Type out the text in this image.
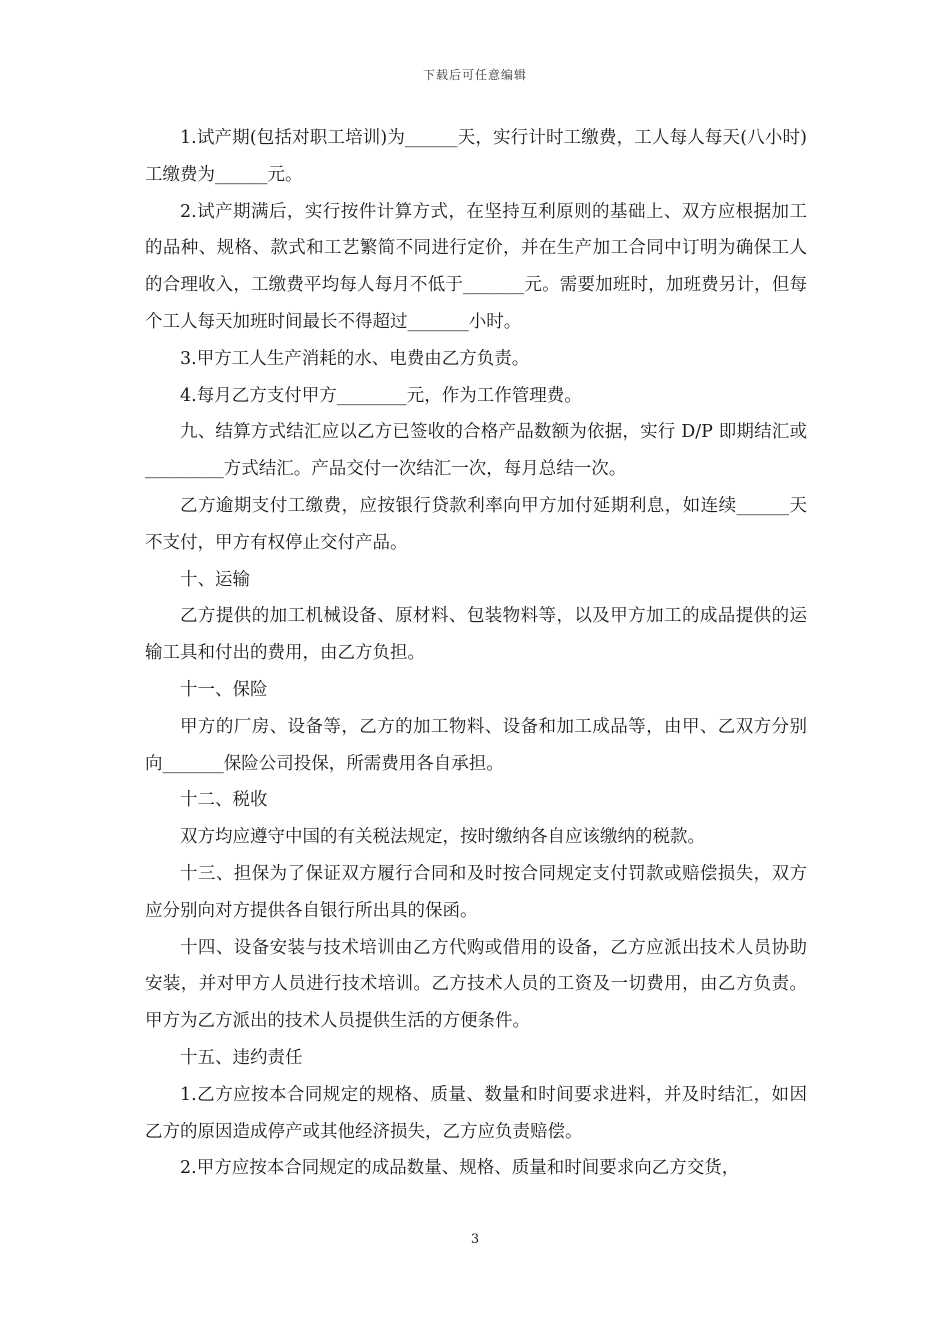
下载后可任意编辑

1.试产期(包括对职工培训)为______天，实行计时工缴费，工人每人每天(八小时)工缴费为______元。

2.试产期满后，实行按件计算方式，在坚持互利原则的基础上、双方应根据加工的品种、规格、款式和工艺繁简不同进行定价，并在生产加工合同中订明为确保工人的合理收入，工缴费平均每人每月不低于_______元。需要加班时，加班费另计，但每个工人每天加班时间最长不得超过_______小时。

3.甲方工人生产消耗的水、电费由乙方负责。

4.每月乙方支付甲方________元，作为工作管理费。

九、结算方式结汇应以乙方已签收的合格产品数额为依据，实行 D/P 即期结汇或_________方式结汇。产品交付一次结汇一次，每月总结一次。

乙方逾期支付工缴费，应按银行贷款利率向甲方加付延期利息，如连续______天不支付，甲方有权停止交付产品。

十、运输

乙方提供的加工机械设备、原材料、包装物料等，以及甲方加工的成品提供的运输工具和付出的费用，由乙方负担。

十一、保险

甲方的厂房、设备等，乙方的加工物料、设备和加工成品等，由甲、乙双方分别向_______保险公司投保，所需费用各自承担。

十二、税收

双方均应遵守中国的有关税法规定，按时缴纳各自应该缴纳的税款。

十三、担保为了保证双方履行合同和及时按合同规定支付罚款或赔偿损失，双方应分别向对方提供各自银行所出具的保函。

十四、设备安装与技术培训由乙方代购或借用的设备，乙方应派出技术人员协助安装，并对甲方人员进行技术培训。乙方技术人员的工资及一切费用，由乙方负责。甲方为乙方派出的技术人员提供生活的方便条件。

十五、违约责任

1.乙方应按本合同规定的规格、质量、数量和时间要求进料，并及时结汇，如因乙方的原因造成停产或其他经济损失，乙方应负责赔偿。

2.甲方应按本合同规定的成品数量、规格、质量和时间要求向乙方交货，

3
